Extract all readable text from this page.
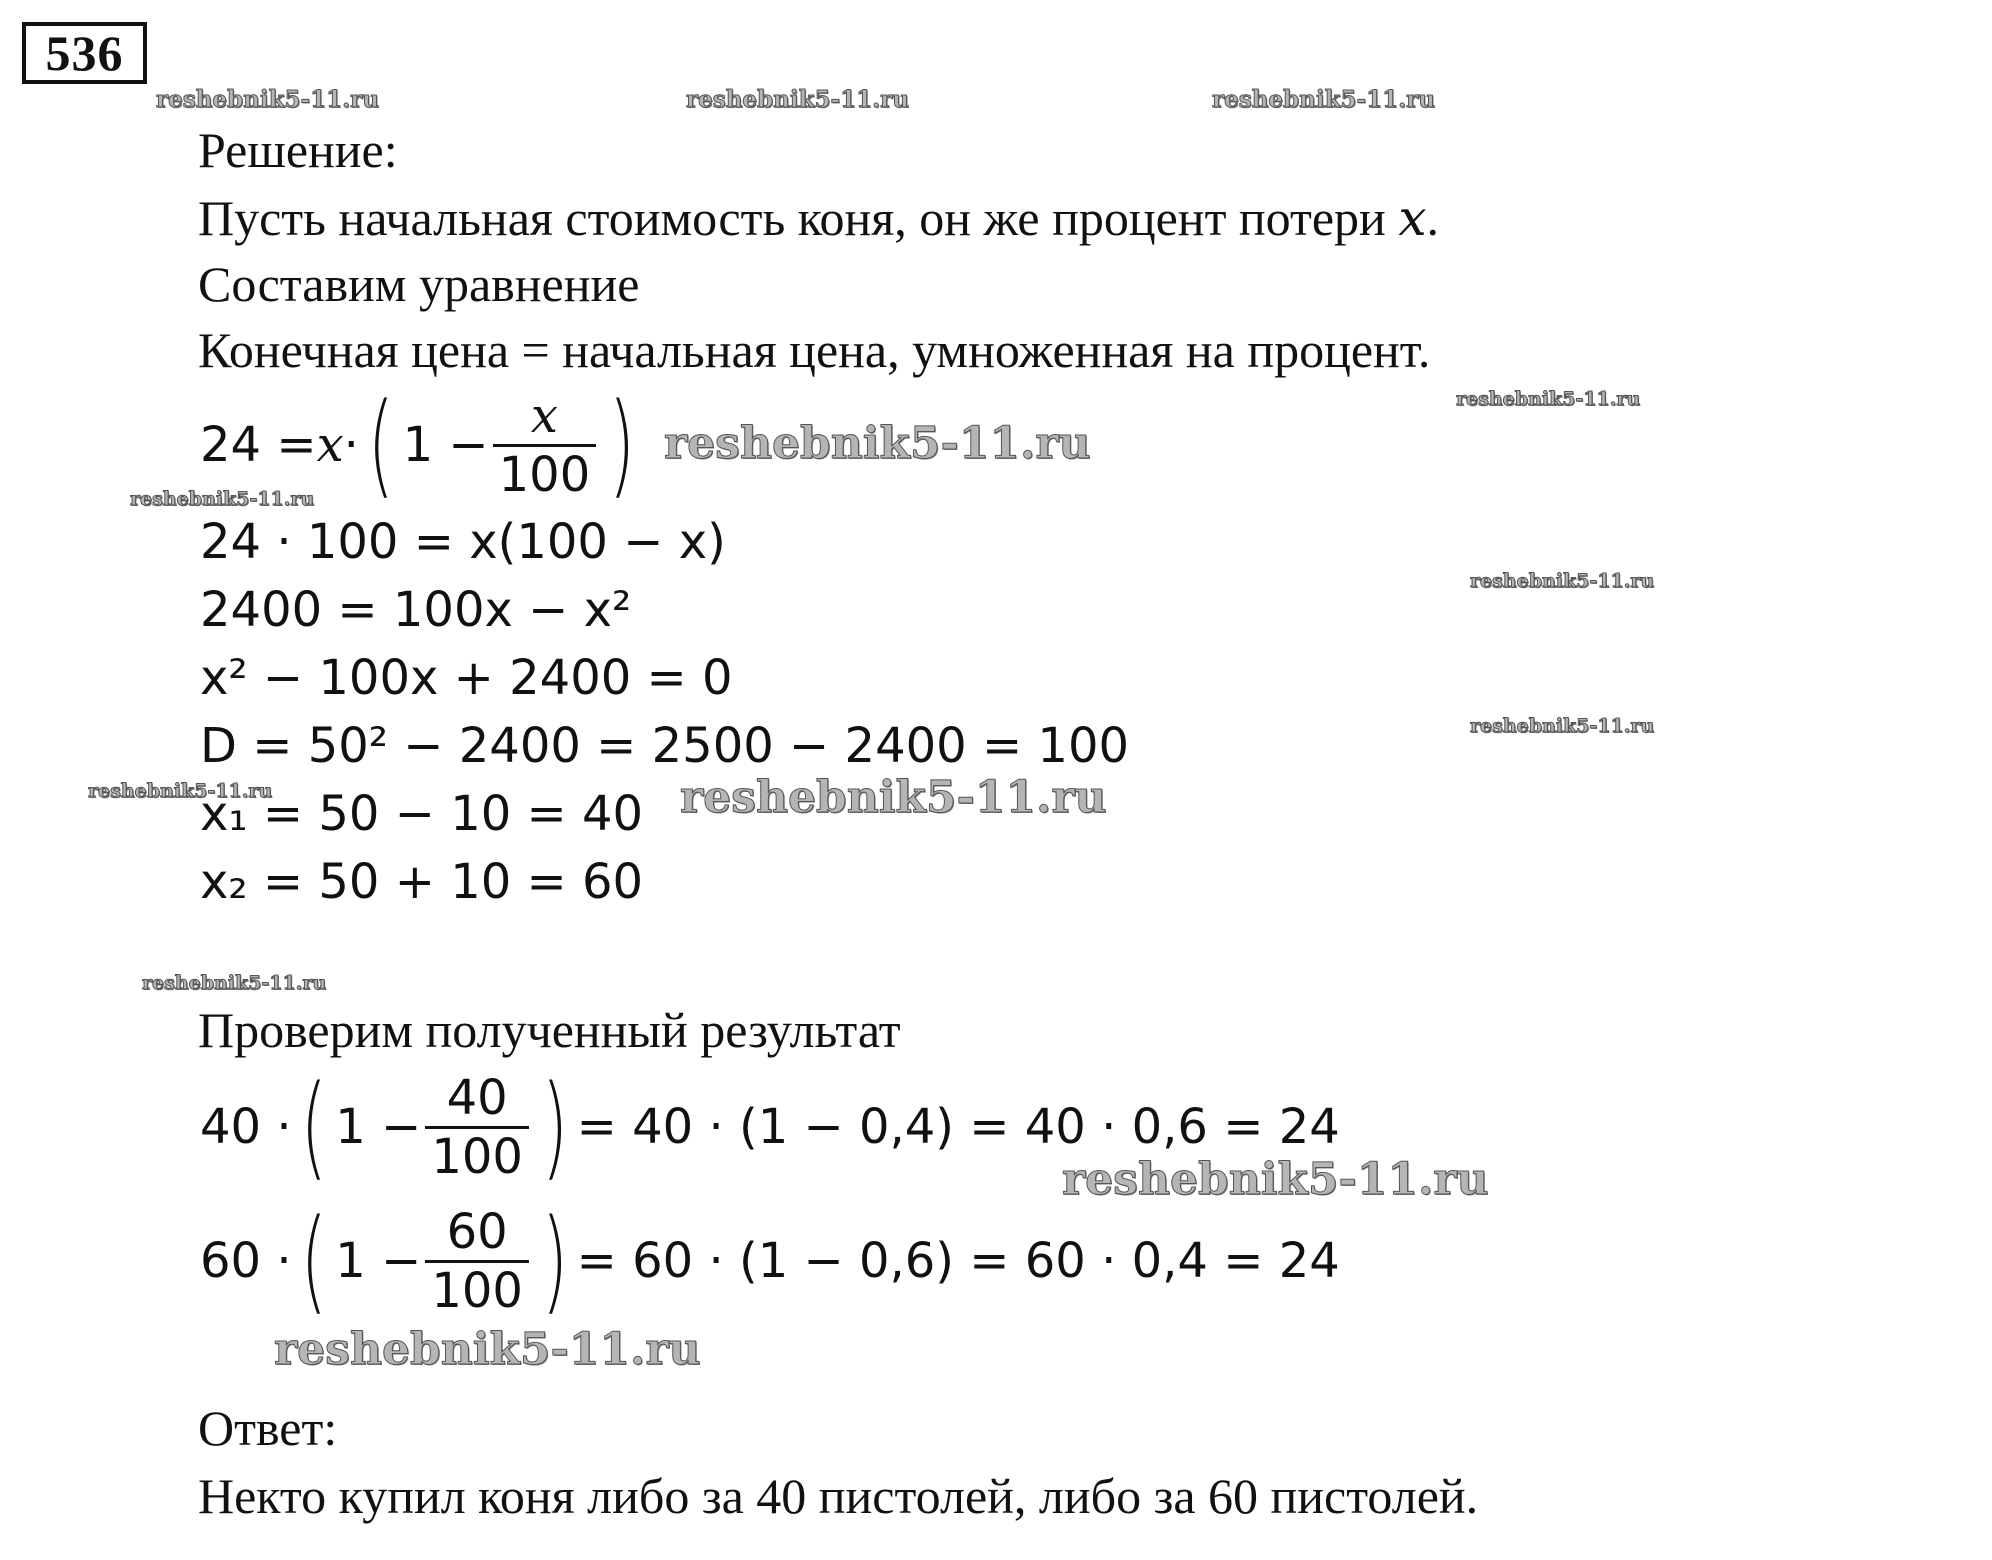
536
reshebnik5-11.ru	reshebnik5-11.ru	reshebnik5-11.ru
reshebnik5-11.ru
reshebnik5-11.ru
reshebnik5-11.ru
reshebnik5-11.ru
reshebnik5-11.ru
reshebnik5-11.ru
reshebnik5-11.ru
reshebnik5-11.ru
reshebnik5-11.ru
reshebnik5-11.ru
Решение:
Пусть начальная стоимость коня, он же процент потери x.
Составим уравнение
Конечная цена = начальная цена, умноженная на процент.
24 = x · ( $1 - \frac{x}{100}$ )
24 · 100 = x(100 − x)
2400 = 100x − x²
x² − 100x + 2400 = 0
D = 50² − 2400 = 2500 − 2400 = 100
x₁ = 50 − 10 = 40
x₂ = 50 + 10 = 60
Проверим полученный результат
40 · ( $1 - \frac{40}{100}$ ) = 40 · (1 − 0,4) = 40 · 0,6 = 24
60 · ( $1 - \frac{60}{100}$ ) = 60 · (1 − 0,6) = 60 · 0,4 = 24
Ответ:
Некто купил коня либо за 40 пистолей, либо за 60 пистолей.
